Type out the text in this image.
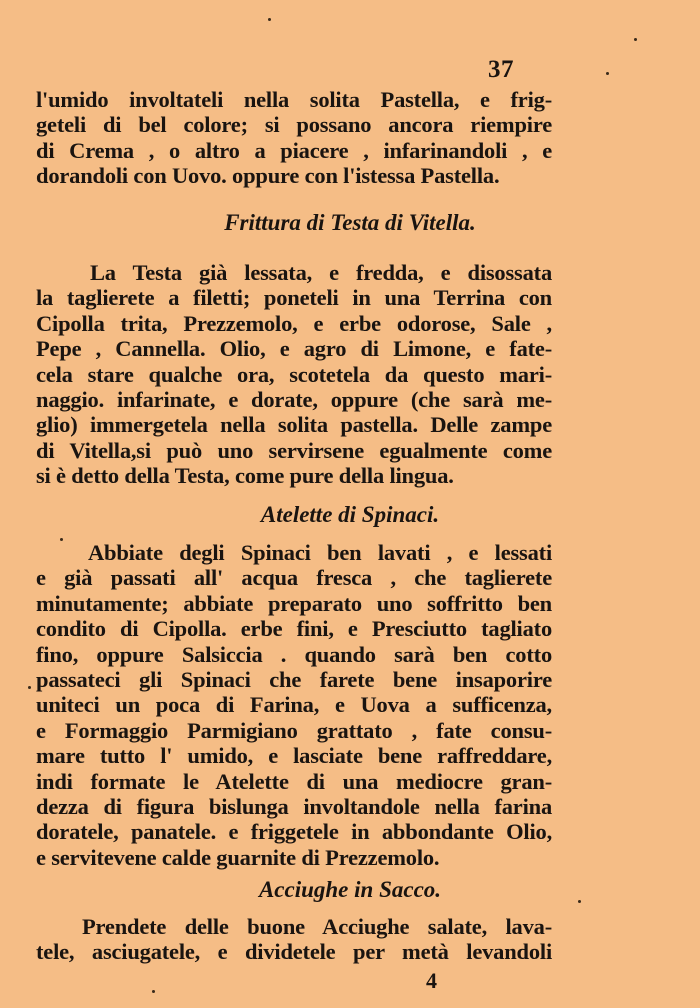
37
l'umido involtateli nella solita Pastella, e frig-
geteli di bel colore; si possano ancora riempire
di Crema , o altro a piacere , infarinandoli , e
dorandoli con Uovo. oppure con l'istessa Pastella.
Frittura di Testa di Vitella.
La Testa già lessata, e fredda, e disossata
la taglierete a filetti; poneteli in una Terrina con
Cipolla trita, Prezzemolo, e erbe odorose, Sale ,
Pepe , Cannella. Olio, e agro di Limone, e fate-
cela stare qualche ora, scotetela da questo mari-
naggio. infarinate, e dorate, oppure (che sarà me-
glio) immergetela nella solita pastella. Delle zampe
di Vitella,si può uno servirsene egualmente come
si è detto della Testa, come pure della lingua.
Atelette di Spinaci.
Abbiate degli Spinaci ben lavati , e lessati
e già passati all' acqua fresca , che taglierete
minutamente; abbiate preparato uno soffritto ben
condito di Cipolla. erbe fini, e Presciutto tagliato
fino, oppure Salsiccia . quando sarà ben cotto
passateci gli Spinaci che farete bene insaporire
uniteci un poca di Farina, e Uova a sufficenza,
e Formaggio Parmigiano grattato , fate consu-
mare tutto l' umido, e lasciate bene raffreddare,
indi formate le Atelette di una mediocre gran-
dezza di figura bislunga involtandole nella farina
doratele, panatele. e friggetele in abbondante Olio,
e servitevene calde guarnite di Prezzemolo.
Acciughe in Sacco.
Prendete delle buone Acciughe salate, lava-
tele, asciugatele, e dividetele per metà levandoli
4
